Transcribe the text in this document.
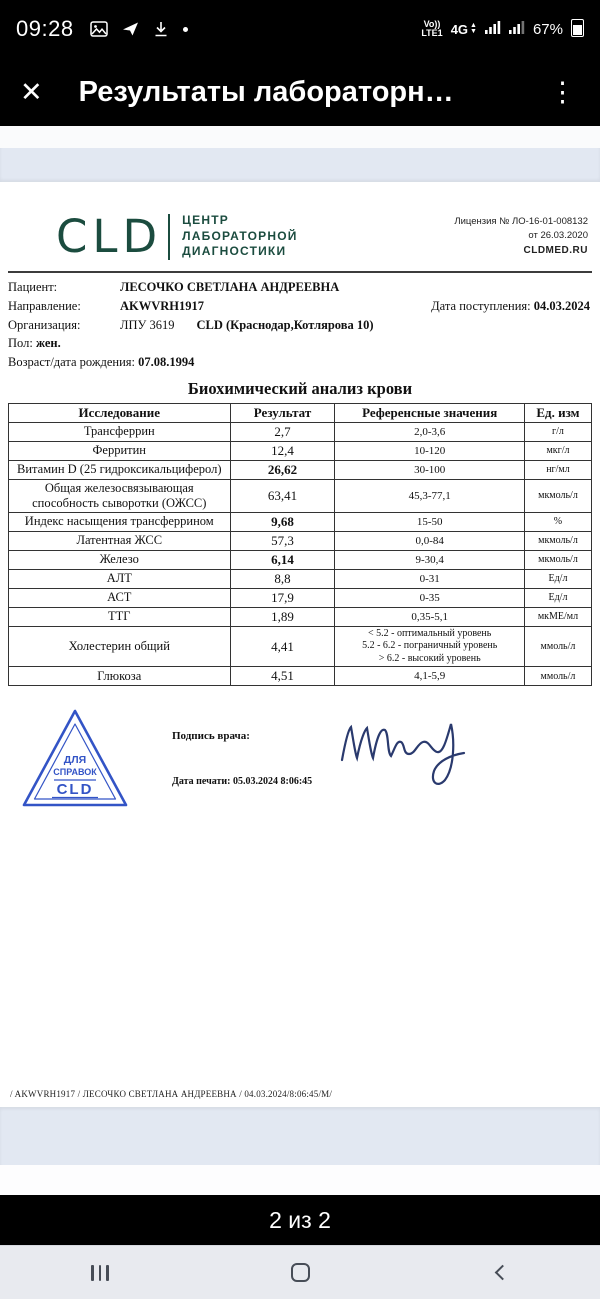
09:28	Vo))
LTE1 4G ▲
▼	67%
✕ Результаты лабораторн…	⋮
CLD ЦЕНТР
ЛАБОРАТОРНОЙ
ДИАГНОСТИКИ
Лицензия № ЛО-16-01-008132
от 26.03.2020
CLDMED.RU
Пациент:	ЛЕСОЧКО СВЕТЛАНА АНДРЕЕВНА
Направление:	AKWVRH1917	Дата поступления: 04.03.2024
Организация:	ЛПУ 3619 CLD (Краснодар,Котлярова 10)
Пол:
жен.
Возраст/дата рождения:
07.08.1994
Биохимический анализ крови
Исследование	Результат	Референсные значения	Ед. изм
Трансферрин	2,7	2,0-3,6	г/л
Ферритин	12,4	10-120	мкг/л
Витамин D (25 гидроксикальциферол)	26,62	30-100	нг/мл
Общая железосвязывающая способность сыворотки (ОЖСС)	63,41	45,3-77,1	мкмоль/л
Индекс насыщения трансферрином	9,68	15-50	%
Латентная ЖСС	57,3	0,0-84	мкмоль/л
Железо	6,14	9-30,4	мкмоль/л
АЛТ	8,8	0-31	Ед/л
АСТ	17,9	0-35	Ед/л
ТТГ	1,89	0,35-5,1	мкМЕ/мл
Холестерин общий	4,41	< 5.2 - оптимальный уровень
5.2 - 6.2 - пограничный уровень
> 6.2 - высокий уровень	ммоль/л
Глюкоза	4,51	4,1-5,9	ммоль/л
ДЛЯ
СПРАВОК
CLD
Подпись врача:
Дата печати: 05.03.2024 8:06:45
/ AKWVRH1917 / ЛЕСОЧКО СВЕТЛАНА АНДРЕЕВНА / 04.03.2024/8:06:45/М/
2 из 2
